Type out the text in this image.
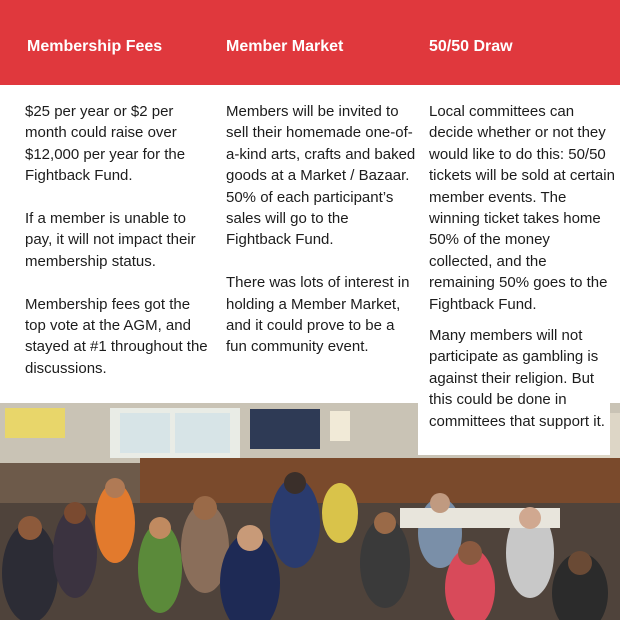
Membership Fees	Member Market	50/50 Draw

$25 per year or $2 per month could raise over $12,000 per year for the Fightback Fund.

If a member is unable to pay, it will not impact their membership status.

Membership fees got the top vote at the AGM, and stayed at #1 throughout the discussions.

Members will be invited to sell their homemade one-of-a-kind arts, crafts and baked goods at a Market / Bazaar. 50% of each participant’s sales will go to the Fightback Fund.

There was lots of interest in holding a Member Market, and it could prove to be a fun community event.

Local committees can decide whether or not they would like to do this: 50/50 tickets will be sold at certain member events. The winning ticket takes home 50% of the money collected, and the remaining 50% goes to the Fightback Fund.

Many members will not participate as gambling is against their religion. But this could be done in committees that support it.
